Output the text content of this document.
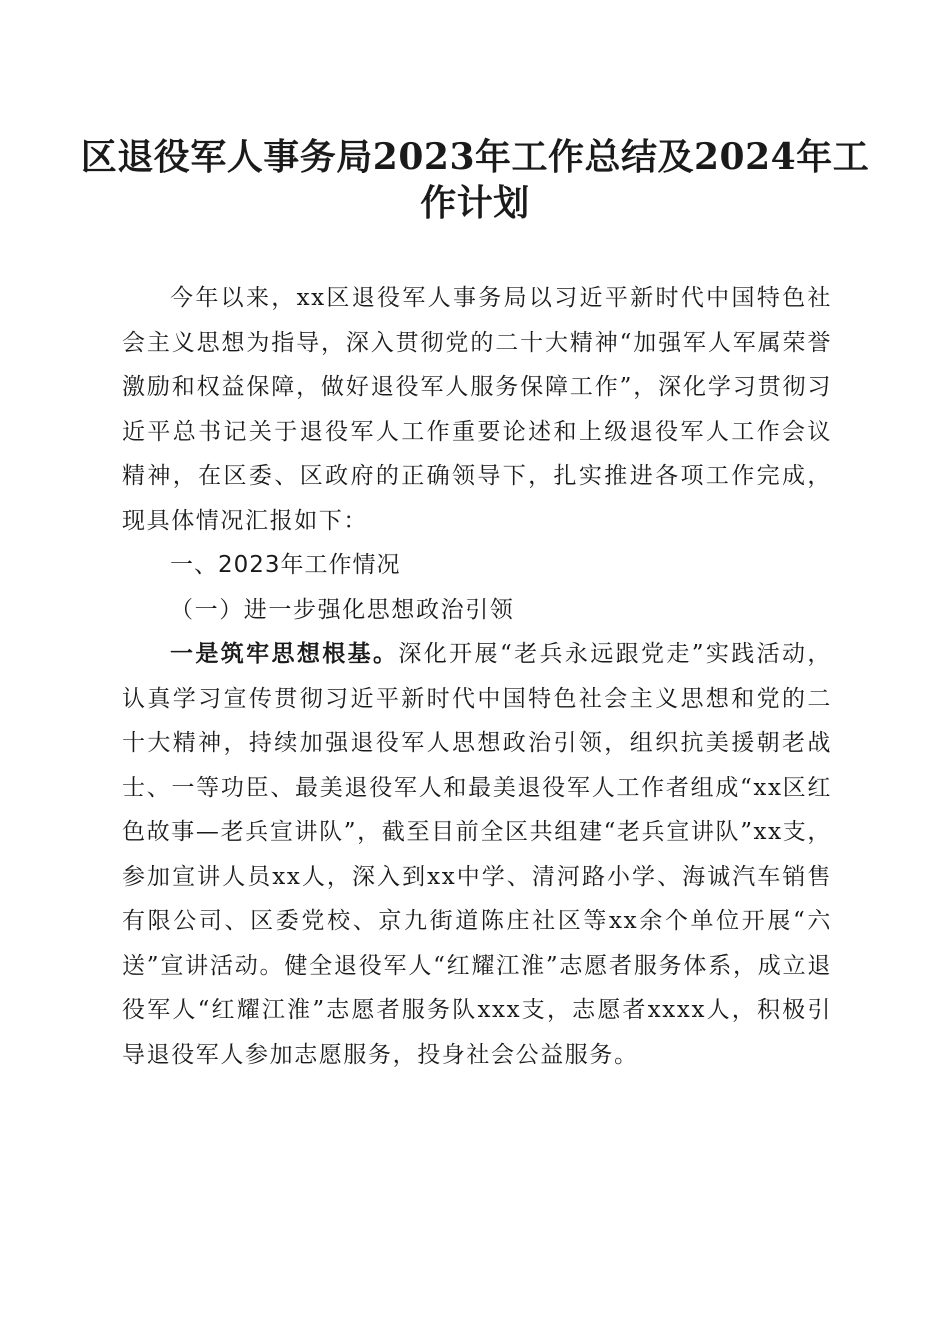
区退役军人事务局2023年工作总结及2024年工作计划

今年以来，xx区退役军人事务局以习近平新时代中国特色社会主义思想为指导，深入贯彻党的二十大精神“加强军人军属荣誉激励和权益保障，做好退役军人服务保障工作”，深化学习贯彻习近平总书记关于退役军人工作重要论述和上级退役军人工作会议精神，在区委、区政府的正确领导下，扎实推进各项工作完成，现具体情况汇报如下：

一、2023年工作情况

（一）进一步强化思想政治引领

一是筑牢思想根基。深化开展“老兵永远跟党走”实践活动，认真学习宣传贯彻习近平新时代中国特色社会主义思想和党的二十大精神，持续加强退役军人思想政治引领，组织抗美援朝老战士、一等功臣、最美退役军人和最美退役军人工作者组成“xx区红色故事—老兵宣讲队”，截至目前全区共组建“老兵宣讲队”xx支，参加宣讲人员xx人，深入到xx中学、清河路小学、海诚汽车销售有限公司、区委党校、京九街道陈庄社区等xx余个单位开展“六送”宣讲活动。健全退役军人“红耀江淮”志愿者服务体系，成立退役军人“红耀江淮”志愿者服务队xxx支，志愿者xxxx人，积极引导退役军人参加志愿服务，投身社会公益服务。
